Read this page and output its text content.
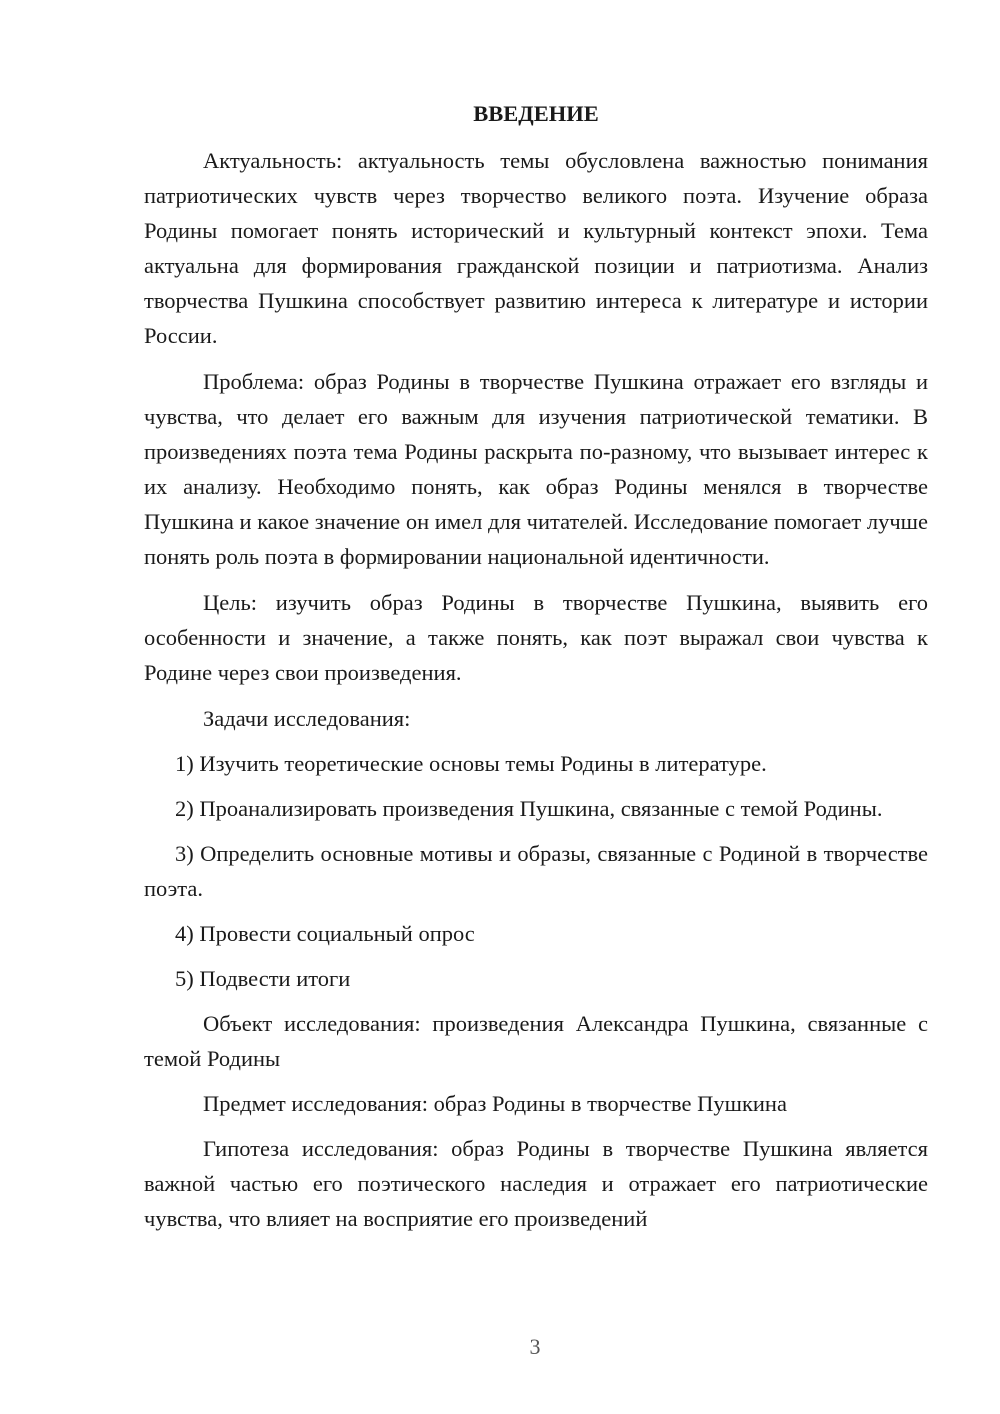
ВВЕДЕНИЕ

Актуальность: актуальность темы обусловлена важностью понимания патриотических чувств через творчество великого поэта. Изучение образа Родины помогает понять исторический и культурный контекст эпохи. Тема актуальна для формирования гражданской позиции и патриотизма. Анализ творчества Пушкина способствует развитию интереса к литературе и истории России.

Проблема: образ Родины в творчестве Пушкина отражает его взгляды и чувства, что делает его важным для изучения патриотической тематики. В произведениях поэта тема Родины раскрыта по-разному, что вызывает интерес к их анализу. Необходимо понять, как образ Родины менялся в творчестве Пушкина и какое значение он имел для читателей. Исследование помогает лучше понять роль поэта в формировании национальной идентичности.

Цель: изучить образ Родины в творчестве Пушкина, выявить его особенности и значение, а также понять, как поэт выражал свои чувства к Родине через свои произведения.

Задачи исследования:

1) Изучить теоретические основы темы Родины в литературе.

2) Проанализировать произведения Пушкина, связанные с темой Родины.

3) Определить основные мотивы и образы, связанные с Родиной в творчестве поэта.

4) Провести социальный опрос

5) Подвести итоги

Объект исследования: произведения Александра Пушкина, связанные с темой Родины

Предмет исследования: образ Родины в творчестве Пушкина

Гипотеза исследования: образ Родины в творчестве Пушкина является важной частью его поэтического наследия и отражает его патриотические чувства, что влияет на восприятие его произведений

3
